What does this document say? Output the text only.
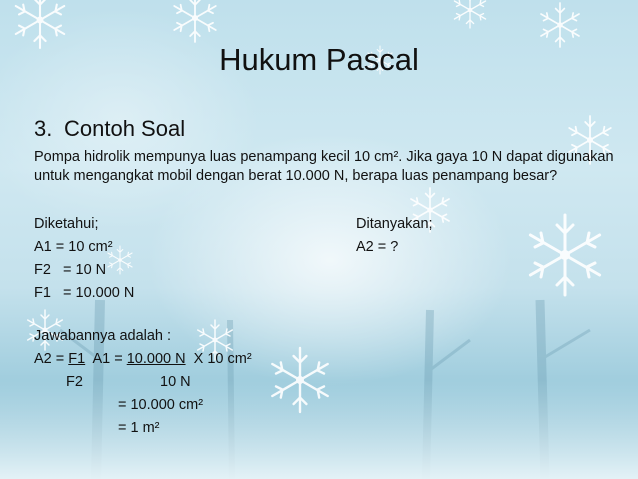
Hukum Pascal
3. Contoh Soal
Pompa hidrolik mempunya luas penampang kecil 10 cm². Jika gaya 10 N dapat digunakan untuk mengangkat mobil dengan berat 10.000 N, berapa luas penampang besar?
Diketahui;	Ditanyakan;
A1 = 10 cm²	A2 = ?
F2   = 10 N
F1   = 10.000 N
Jawabannya adalah :
A2 = F1  A1 = 10.000 N  X 10 cm²
F2	10 N
= 10.000 cm²
= 1 m²
